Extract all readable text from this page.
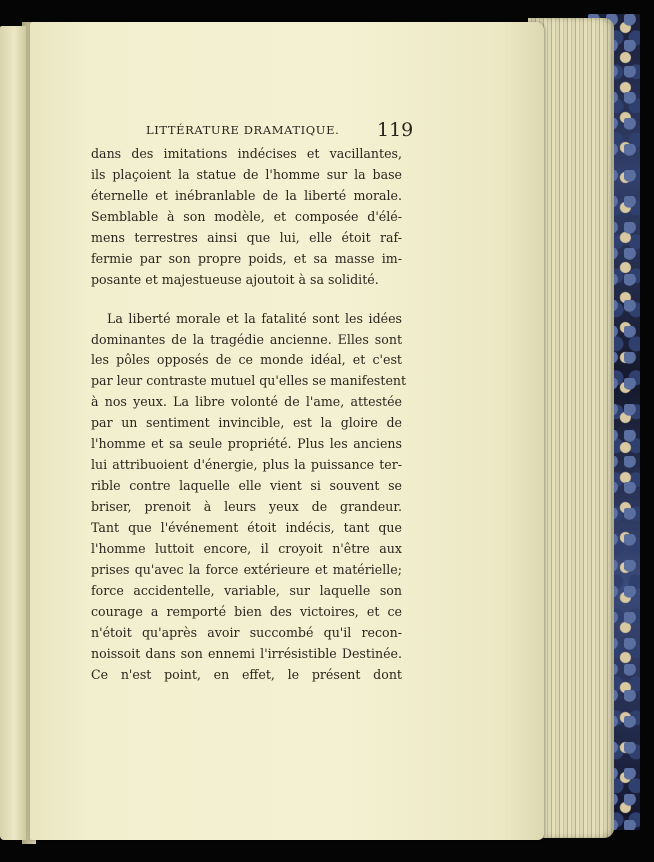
LITTÉRATURE DRAMATIQUE. 119
dans des imitations indécises et vacillantes,
ils plaçoient la statue de l'homme sur la base
éternelle et inébranlable de la liberté morale.
Semblable à son modèle, et composée d'élé-
mens terrestres ainsi que lui, elle étoit raf-
fermie par son propre poids, et sa masse im-
posante et majestueuse ajoutoit à sa solidité.
La liberté morale et la fatalité sont les idées
dominantes de la tragédie ancienne. Elles sont
les pôles opposés de ce monde idéal, et c'est
par leur contraste mutuel qu'elles se manifestent
à nos yeux. La libre volonté de l'ame, attestée
par un sentiment invincible, est la gloire de
l'homme et sa seule propriété. Plus les anciens
lui attribuoient d'énergie, plus la puissance ter-
rible contre laquelle elle vient si souvent se
briser, prenoit à leurs yeux de grandeur.
Tant que l'événement étoit indécis, tant que
l'homme luttoit encore, il croyoit n'être aux
prises qu'avec la force extérieure et matérielle;
force accidentelle, variable, sur laquelle son
courage a remporté bien des victoires, et ce
n'étoit qu'après avoir succombé qu'il recon-
noissoit dans son ennemi l'irrésistible Destinée.
Ce n'est point, en effet, le présent dont
